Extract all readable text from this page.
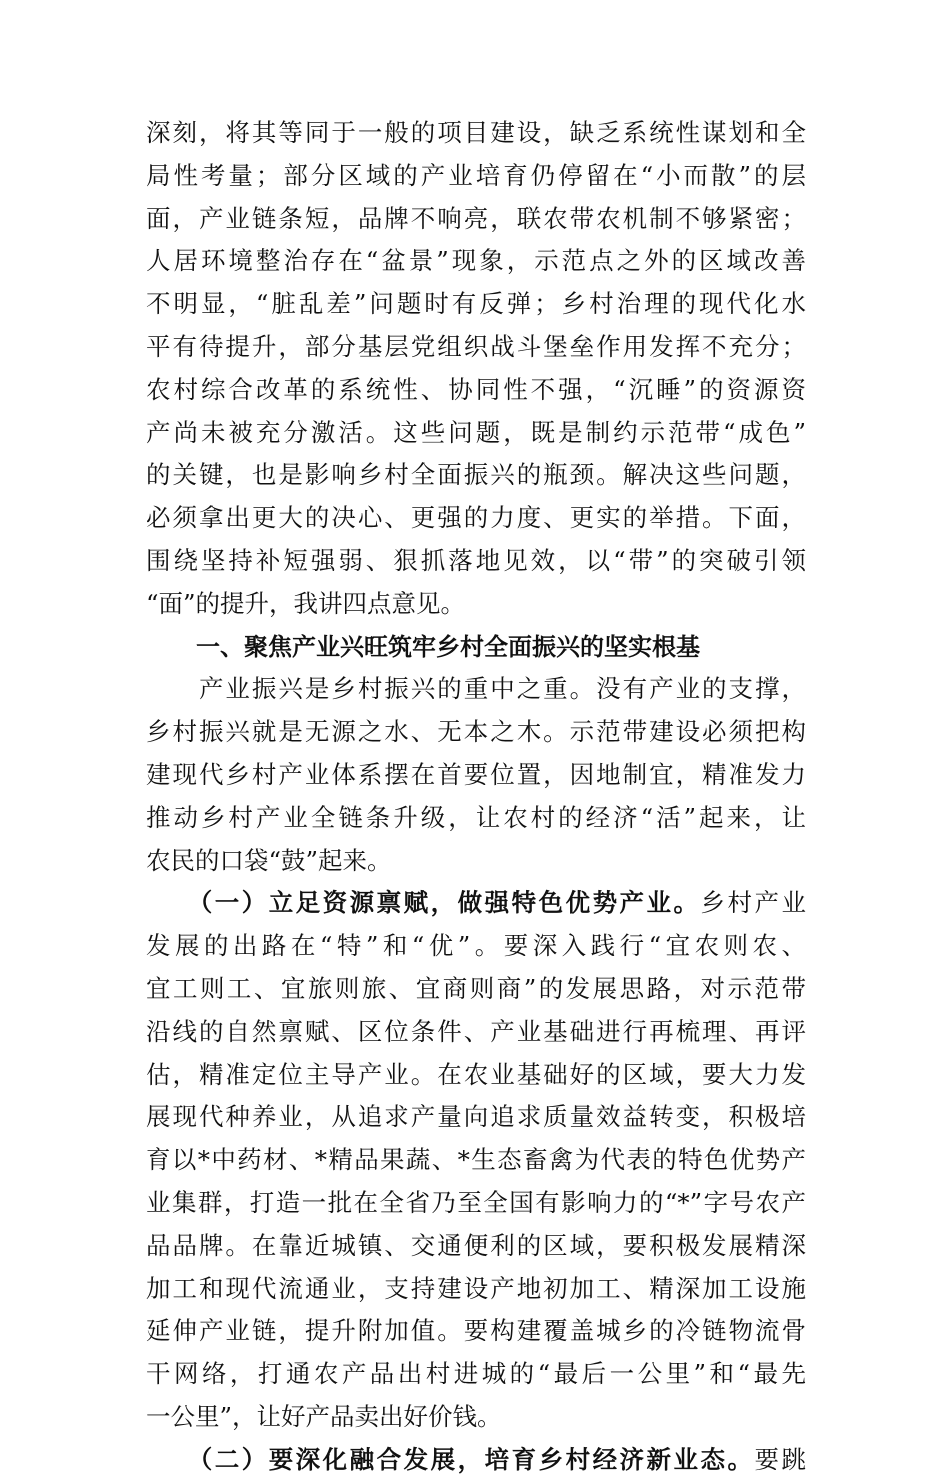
深刻，将其等同于一般的项目建设，缺乏系统性谋划和全
局性考量；部分区域的产业培育仍停留在“小而散”的层
面，产业链条短，品牌不响亮，联农带农机制不够紧密；
人居环境整治存在“盆景”现象，示范点之外的区域改善
不明显，“脏乱差”问题时有反弹；乡村治理的现代化水
平有待提升，部分基层党组织战斗堡垒作用发挥不充分；
农村综合改革的系统性、协同性不强，“沉睡”的资源资
产尚未被充分激活。这些问题，既是制约示范带“成色”
的关键，也是影响乡村全面振兴的瓶颈。解决这些问题，
必须拿出更大的决心、更强的力度、更实的举措。下面，
围绕坚持补短强弱、狠抓落地见效，以“带”的突破引领
“面”的提升，我讲四点意见。
一、聚焦产业兴旺筑牢乡村全面振兴的坚实根基
　　产业振兴是乡村振兴的重中之重。没有产业的支撑，
乡村振兴就是无源之水、无本之木。示范带建设必须把构
建现代乡村产业体系摆在首要位置，因地制宜，精准发力
推动乡村产业全链条升级，让农村的经济“活”起来，让
农民的口袋“鼓”起来。
　　（一）立足资源禀赋，做强特色优势产业。乡村产业
发展的出路在“特”和“优”。要深入践行“宜农则农、
宜工则工、宜旅则旅、宜商则商”的发展思路，对示范带
沿线的自然禀赋、区位条件、产业基础进行再梳理、再评
估，精准定位主导产业。在农业基础好的区域，要大力发
展现代种养业，从追求产量向追求质量效益转变，积极培
育以*中药材、*精品果蔬、*生态畜禽为代表的特色优势产
业集群，打造一批在全省乃至全国有影响力的“*”字号农产
品品牌。在靠近城镇、交通便利的区域，要积极发展精深
加工和现代流通业，支持建设产地初加工、精深加工设施
延伸产业链，提升附加值。要构建覆盖城乡的冷链物流骨
干网络，打通农产品出村进城的“最后一公里”和“最先
一公里”，让好产品卖出好价钱。
　　（二）要深化融合发展，培育乡村经济新业态。要跳
